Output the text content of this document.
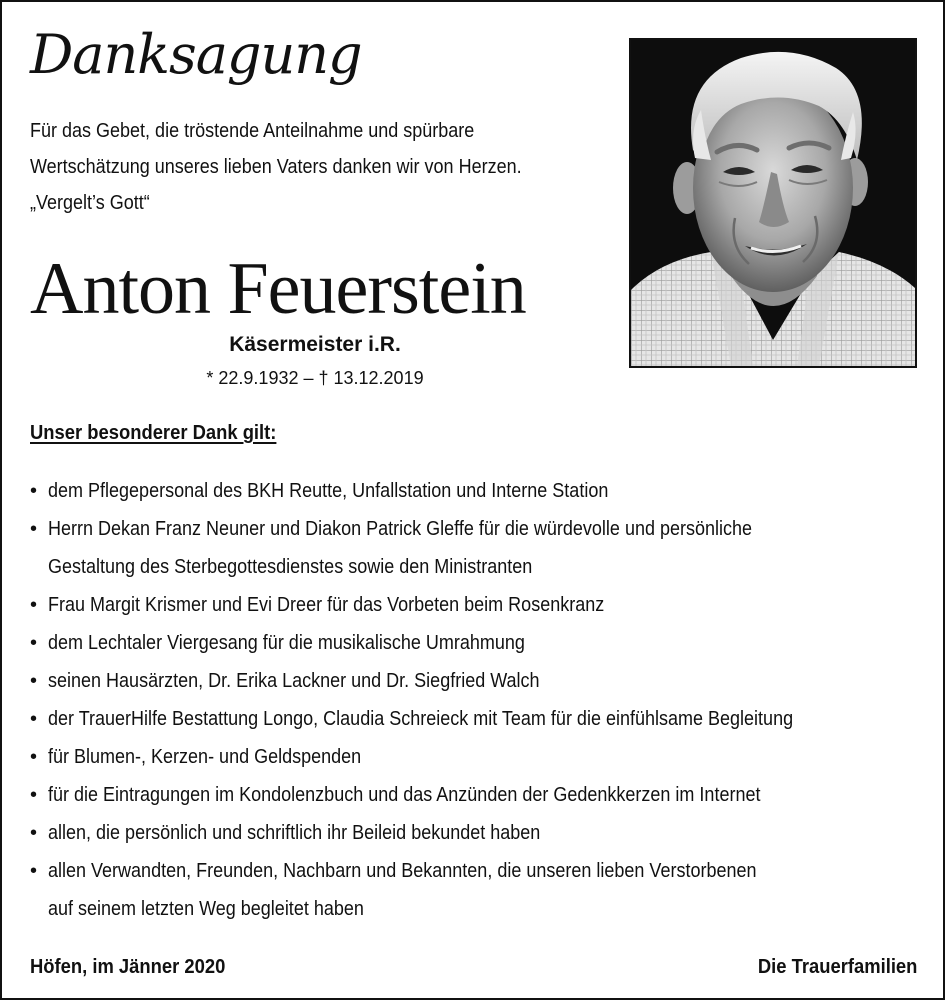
Danksagung
Für das Gebet, die tröstende Anteilnahme und spürbare
Wertschätzung unseres lieben Vaters danken wir von Herzen.
„Vergelt’s Gott“
Anton Feuerstein
Käsermeister i.R.
* 22.9.1932 – † 13.12.2019
Unser besonderer Dank gilt:
• dem Pflegepersonal des BKH Reutte, Unfallstation und Interne Station
• Herrn Dekan Franz Neuner und Diakon Patrick Gleffe für die würdevolle und persönliche
Gestaltung des Sterbegottesdienstes sowie den Ministranten
• Frau Margit Krismer und Evi Dreer für das Vorbeten beim Rosenkranz
• dem Lechtaler Viergesang für die musikalische Umrahmung
• seinen Hausärzten, Dr. Erika Lackner und Dr. Siegfried Walch
• der TrauerHilfe Bestattung Longo, Claudia Schreieck mit Team für die einfühlsame Begleitung
• für Blumen-, Kerzen- und Geldspenden
• für die Eintragungen im Kondolenzbuch und das Anzünden der Gedenkkerzen im Internet
• allen, die persönlich und schriftlich ihr Beileid bekundet haben
• allen Verwandten, Freunden, Nachbarn und Bekannten, die unseren lieben Verstorbenen
auf seinem letzten Weg begleitet haben
Höfen, im Jänner 2020	Die Trauerfamilien
